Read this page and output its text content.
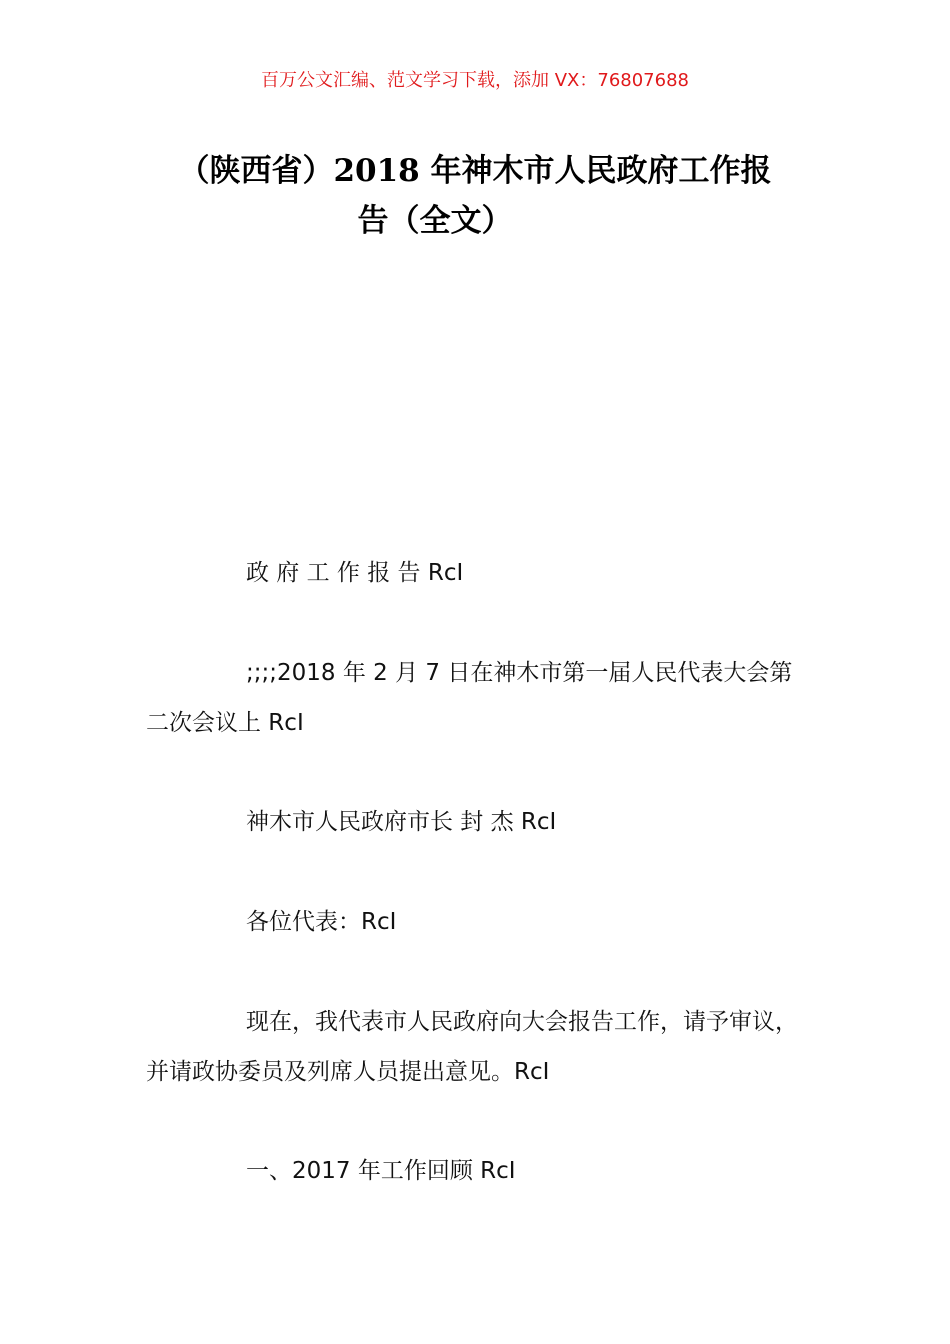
百万公文汇编、范文学习下载，添加 VX：76807688
（陕西省）2018 年神木市人民政府工作报
告（全文）
政 府 工 作 报 告 RcI
;;;;2018 年 2 月 7 日在神木市第一届人民代表大会第二次会议上 RcI
神木市人民政府市长 封 杰 RcI
各位代表：RcI
现在，我代表市人民政府向大会报告工作，请予审议，并请政协委员及列席人员提出意见。RcI
一、2017 年工作回顾 RcI
